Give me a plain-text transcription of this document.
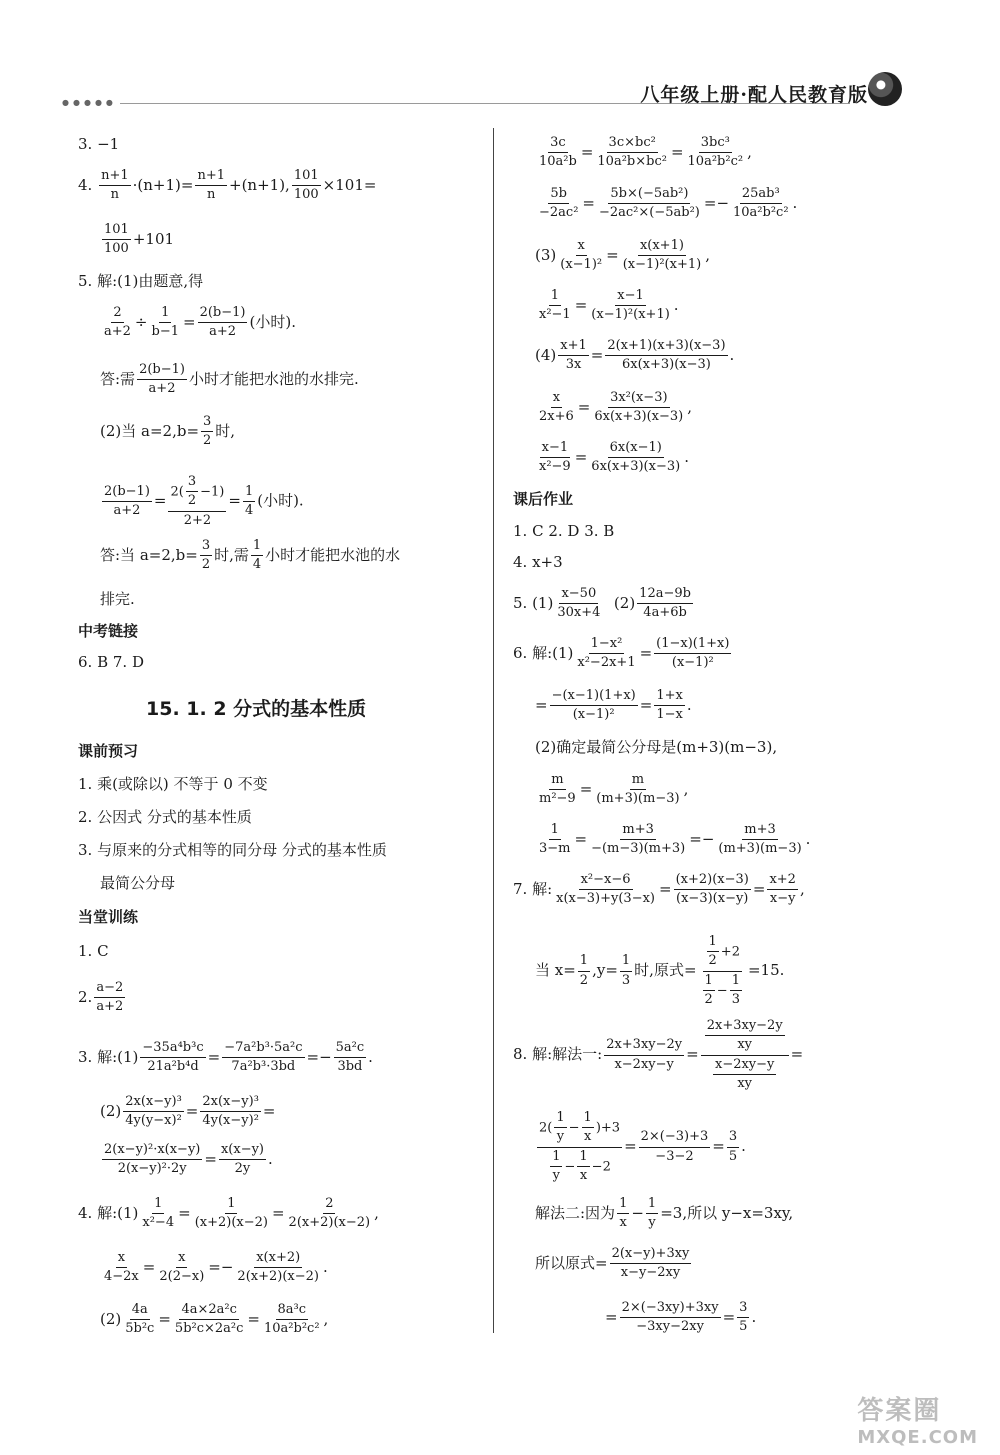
●●●●●	八年级上册·配人民教育版
3. −1
4. $\frac{n+1}{n} \cdot(n+1)= \frac{n+1}{n} +(n+1)$, $\frac{101}{100} \times 101=$
$\frac{101}{100} +101$
5. 解:(1)由题意,得
$\frac{2}{a+2} \div \frac{1}{b-1} = \frac{2(b-1)}{a+2}$ (小时).
答:需 $\frac{2(b-1)}{a+2}$ 小时才能把水池的水排完.
(2)当 $a=2,b= \frac{3}{2}$ 时,
$\frac{2(b-1)}{a+2} = \frac{2( \frac{3}{2} -1)}{2+2} = \frac{1}{4}$ (小时).
答:当 $a=2,b= \frac{3}{2}$ 时,需 $\frac{1}{4}$ 小时才能把水池的水
排完.
中考链接
6. B 7. D
15. 1. 2 分式的基本性质
课前预习
1. 乘(或除以) 不等于 0 不变
2. 公因式 分式的基本性质
3. 与原来的分式相等的同分母 分式的基本性质
最简公分母
当堂训练
1. C
2. $\frac{a-2}{a+2}$
3. 解:(1) $\frac{\text{−35a⁴b³c}}{\text{21a²b⁴d}} = \frac{\text{−7a²b³·5a²c}}{\text{7a²b³·3bd}} =- \frac{\text{5a²c}}{3bd}$ .
$(2) \frac{\text{2x(x−y)³}}{\text{4y(y−x)²}} = \frac{\text{2x(x−y)³}}{\text{4y(x−y)²}}$ =
$\frac{\text{2(x−y)²·x(x−y)}}{\text{2(x−y)²·2y}} = \frac{x(x-y)}{2y}$ .
4. 解:(1) $\frac{1}{\text{x²−4}} = \frac{1}{(x+2)(x-2)} = \frac{2}{2(x+2)(x-2)}$ ,
$\frac{x}{4-2x} = \frac{x}{2(2-x)} =- \frac{x(x+2)}{2(x+2)(x-2)}$ .
$(2) \frac{4a}{\text{5b²c}} = \frac{\text{4a×2a²c}}{\text{5b²c×2a²c}} = \frac{\text{8a³c}}{\text{10a²b²c²}}$ ,
$\frac{3c}{\text{10a²b}} = \frac{\text{3c×bc²}}{\text{10a²b×bc²}} = \frac{\text{3bc³}}{\text{10a²b²c²}}$ ,
$\frac{5b}{\text{−2ac²}} = \frac{\text{5b×(−5ab²)}}{\text{−2ac²×(−5ab²)}} =- \frac{\text{25ab³}}{\text{10a²b²c²}}$ .
$(3) \frac{x}{\text{(x−1)²}} = \frac{x(x+1)}{\text{(x−1)²(x+1)}}$ ,
$\frac{1}{\text{x²−1}} = \frac{x-1}{\text{(x−1)²(x+1)}}$ .
$(4) \frac{x+1}{3x} = \frac{2(x+1)(x+3)(x-3)}{6x(x+3)(x-3)}$ .
$\frac{x}{2x+6} = \frac{\text{3x²(x−3)}}{6x(x+3)(x-3)}$ ,
$\frac{x-1}{\text{x²−9}} = \frac{6x(x-1)}{6x(x+3)(x-3)}$ .
课后作业
1. C 2. D 3. B
4. x+3
5. $(1) \frac{x-50}{30x+4} (2) \frac{12a-9b}{4a+6b}$
6. 解:(1) $\frac{\text{1−x²}}{\text{x²−2x+1}} = \frac{(1-x)(1+x)}{\text{(x−1)²}}$
= $\frac{-(x-1)(1+x)}{\text{(x−1)²}} = \frac{1+x}{1-x}$ .
(2)确定最简公分母是(m+3)(m−3),
$\frac{m}{\text{m²−9}} = \frac{m}{(m+3)(m-3)}$ ,
$\frac{1}{3-m} = \frac{m+3}{-(m-3)(m+3)} =- \frac{m+3}{(m+3)(m-3)}$ .
7. 解: $\frac{\text{x²−x−6}}{x(x-3)+y(3-x)} = \frac{(x+2)(x-3)}{(x-3)(x-y)} = \frac{x+2}{x-y}$ ,
当 $x= \frac{1}{2} ,y= \frac{1}{3}$ 时,原式= $\frac{\frac{1}{2} +2}{\frac{1}{2} - \frac{1}{3}} =15$.
8. 解:解法一: $\frac{2x+3xy-2y}{x-2xy-y} = \frac{\frac{2x+3xy-2y}{xy}}{\frac{x-2xy-y}{xy}}$ =
$\frac{2( \frac{1}{y} - \frac{1}{x} )+3}{\frac{1}{y} - \frac{1}{x} -2} = \frac{2\times(-3)+3}{-3-2} = \frac{3}{5}$ .
解法二:因为 $\frac{1}{x} - \frac{1}{y} =3$,所以 y−x=3xy,
所以原式= $\frac{2(x-y)+3xy}{x-y-2xy}$
= $\frac{2\times(-3xy)+3xy}{-3xy-2xy} = \frac{3}{5}$ .
答案圈
MXQE.COM
